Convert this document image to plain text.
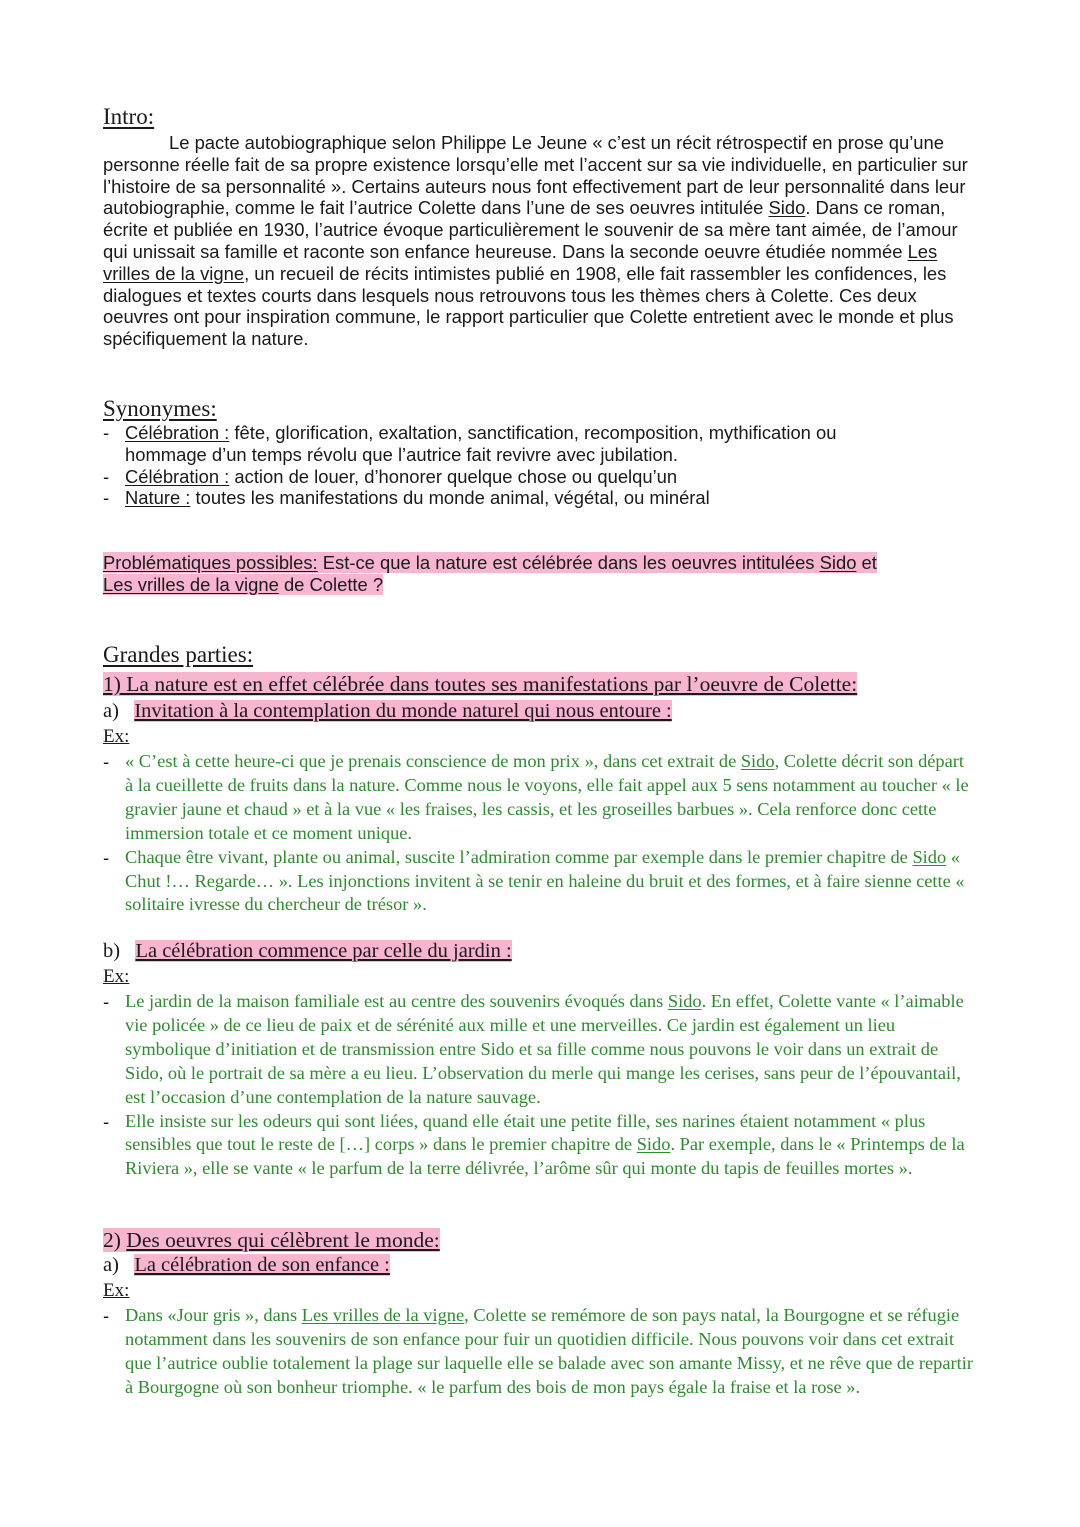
Intro:

Le pacte autobiographique selon Philippe Le Jeune « c’est un récit rétrospectif en prose qu’une personne réelle fait de sa propre existence lorsqu’elle met l’accent sur sa vie individuelle, en particulier sur l’histoire de sa personnalité ». Certains auteurs nous font effectivement part de leur personnalité dans leur autobiographie, comme le fait l’autrice Colette dans l’une de ses oeuvres intitulée Sido. Dans ce roman, écrite et publiée en 1930, l’autrice évoque particulièrement le souvenir de sa mère tant aimée, de l’amour qui unissait sa famille et raconte son enfance heureuse. Dans la seconde oeuvre étudiée nommée Les vrilles de la vigne, un recueil de récits intimistes publié en 1908, elle fait rassembler les confidences, les dialogues et textes courts dans lesquels nous retrouvons tous les thèmes chers à Colette. Ces deux oeuvres ont pour inspiration commune, le rapport particulier que Colette entretient avec le monde et plus spécifiquement la nature.

Synonymes:
- Célébration : fête, glorification, exaltation, sanctification, recomposition, mythification ou hommage d’un temps révolu que l’autrice fait revivre avec jubilation.
- Célébration : action de louer, d’honorer quelque chose ou quelqu’un
- Nature : toutes les manifestations du monde animal, végétal, ou minéral

Problématiques possibles: Est-ce que la nature est célébrée dans les oeuvres intitulées Sido et
Les vrilles de la vigne de Colette ?

Grandes parties:
1) La nature est en effet célébrée dans toutes ses manifestations par l’oeuvre de Colette:
a) Invitation à la contemplation du monde naturel qui nous entoure :
Ex:
- « C’est à cette heure-ci que je prenais conscience de mon prix », dans cet extrait de Sido, Colette décrit son départ à la cueillette de fruits dans la nature. Comme nous le voyons, elle fait appel aux 5 sens notamment au toucher « le gravier jaune et chaud » et à la vue « les fraises, les cassis, et les groseilles barbues ». Cela renforce donc cette immersion totale et ce moment unique.
- Chaque être vivant, plante ou animal, suscite l’admiration comme par exemple dans le premier chapitre de Sido « Chut !… Regarde… ». Les injonctions invitent à se tenir en haleine du bruit et des formes, et à faire sienne cette « solitaire ivresse du chercheur de trésor ».
b) La célébration commence par celle du jardin :
Ex:
- Le jardin de la maison familiale est au centre des souvenirs évoqués dans Sido. En effet, Colette vante « l’aimable vie policée » de ce lieu de paix et de sérénité aux mille et une merveilles. Ce jardin est également un lieu symbolique d’initiation et de transmission entre Sido et sa fille comme nous pouvons le voir dans un extrait de Sido, où le portrait de sa mère a eu lieu. L’observation du merle qui mange les cerises, sans peur de l’épouvantail, est l’occasion d’une contemplation de la nature sauvage.
- Elle insiste sur les odeurs qui sont liées, quand elle était une petite fille, ses narines étaient notamment « plus sensibles que tout le reste de […] corps » dans le premier chapitre de Sido. Par exemple, dans le « Printemps de la Riviera », elle se vante « le parfum de la terre délivrée, l’arôme sûr qui monte du tapis de feuilles mortes ».
2) Des oeuvres qui célèbrent le monde:
a) La célébration de son enfance :
Ex:
- Dans «Jour gris », dans Les vrilles de la vigne, Colette se remémore de son pays natal, la Bourgogne et se réfugie notamment dans les souvenirs de son enfance pour fuir un quotidien difficile. Nous pouvons voir dans cet extrait que l’autrice oublie totalement la plage sur laquelle elle se balade avec son amante Missy, et ne rêve que de repartir à Bourgogne où son bonheur triomphe. « le parfum des bois de mon pays égale la fraise et la rose ».
